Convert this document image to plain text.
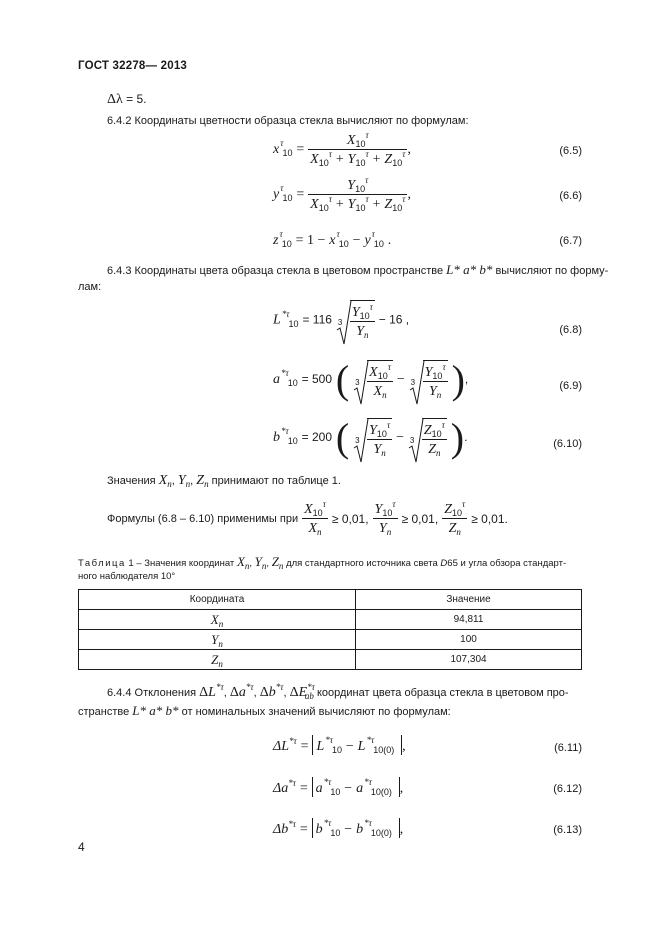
ГОСТ 32278— 2013
Δλ = 5.
6.4.2 Координаты цветности образца стекла вычисляют по формулам:
$x_{\tau 10} = \frac{X_{10}^\tau}{X_{10}^\tau + Y_{10}^\tau + Z_{10}^\tau}$ ,	(6.5)
$y_{\tau 10} = \frac{Y_{10}^\tau}{X_{10}^\tau + Y_{10}^\tau + Z_{10}^\tau}$ ,	(6.6)
$z_{\tau 10} = 1 - x_{\tau 10} - y_{\tau 10}$ .	(6.7)
6.4.3 Координаты цвета образца стекла в цветовом пространстве L* a* b* вычисляют по форму-
лам:
$L_{*\tau 10} = 116$ $3 \frac{Y_{10}^\tau}{Y_n} - 16$ ,
(6.8)
$a_{*\tau 10} = 500$ ( $3 \frac{X_{10}^\tau}{X_n} - 3 \frac{Y_{10}^\tau}{Y_n}$ ),	(6.9)
$b_{*\tau 10} = 200$ ( $3 \frac{Y_{10}^\tau}{Y_n} - 3 \frac{Z_{10}^\tau}{Z_n}$ ).	(6.10)
Значения $X_n$, $Y_n$, $Z_n$ принимают по таблице 1.
Формулы (6.8 – 6.10) применимы при $\frac{X_{10}^\tau}{X_n} \ge 0,01$, $\frac{Y_{10}^\tau}{Y_n} \ge 0,01$, $\frac{Z_{10}^\tau}{Z_n} \ge 0,01$.
Таблица 1 – Значения координат Xn, Yn, Zn для стандартного источника света D65 и угла обзора стандарт-
ного наблюдателя 10°
Координата	Значение
Xn	94,811
Yn	100
Zn	107,304
6.4.4 Отклонения $\Delta L^{*\tau}$, $\Delta a^{*\tau}$, $\Delta b^{*\tau}$, $\Delta E^{*\tau}_{ab}$ координат цвета образца стекла в цветовом про-
странстве L* a* b* от номинальных значений вычисляют по формулам:
$\Delta L^{*\tau} = L_{*\tau 10} - L_{*\tau 10(0)}$ ,	(6.11)
$\Delta a^{*\tau} = a_{*\tau 10} - a_{*\tau 10(0)}$ ,	(6.12)
$\Delta b^{*\tau} = b_{*\tau 10} - b_{*\tau 10(0)}$ ,	(6.13)
4
